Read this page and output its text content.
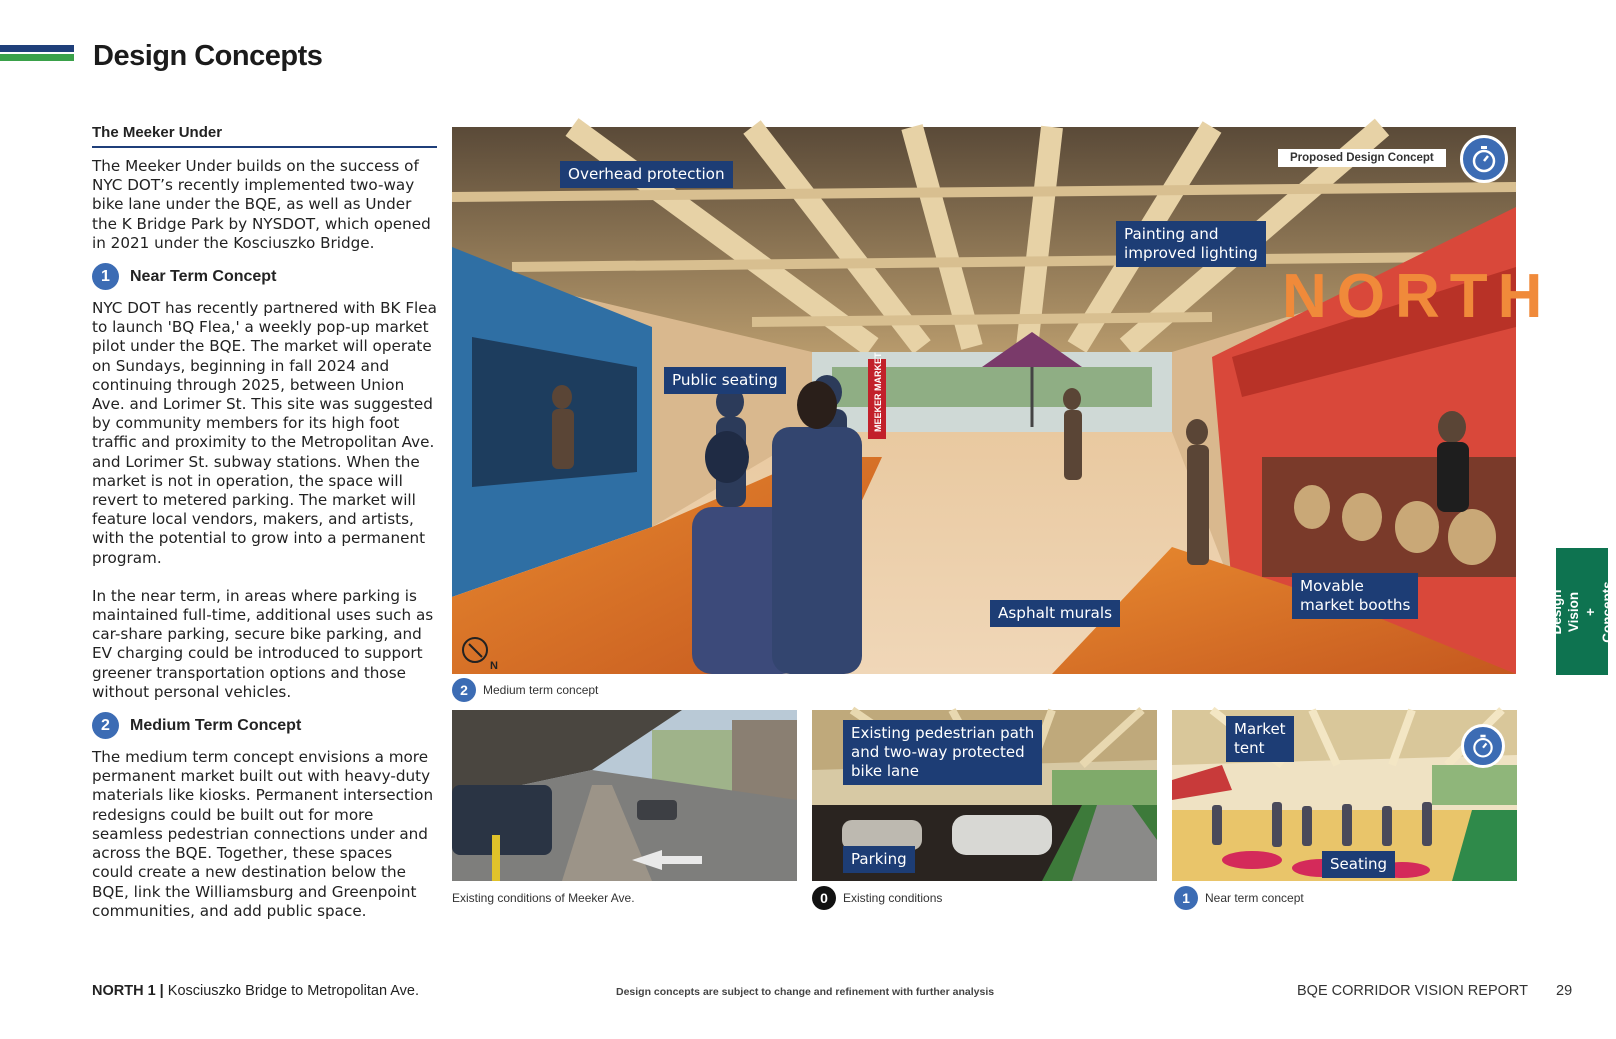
Design Concepts
The Meeker Under

The Meeker Under builds on the success of NYC DOT’s recently implemented two-way bike lane under the BQE, as well as Under the K Bridge Park by NYSDOT, which opened in 2021 under the Kosciuszko Bridge.

1	Near Term Concept

NYC DOT has recently partnered with BK Flea to launch 'BQ Flea,' a weekly pop-up market pilot under the BQE. The market will operate on Sundays, beginning in fall 2024 and continuing through 2025, between Union Ave. and Lorimer St. This site was suggested by community members for its high foot traffic and proximity to the Metropolitan Ave. and Lorimer St. subway stations. When the market is not in operation, the space will revert to metered parking. The market will feature local vendors, makers, and artists, with the potential to grow into a permanent program.

In the near term, in areas where parking is maintained full-time, additional uses such as car-share parking, secure bike parking, and EV charging could be introduced to support greener transportation options and those without personal vehicles.

2	Medium Term Concept

The medium term concept envisions a more permanent market built out with heavy-duty materials like kiosks. Permanent intersection redesigns could be built out for more seamless pedestrian connections under and across the BQE. Together, these spaces could create a new destination below the BQE, link the Williamsburg and Greenpoint communities, and add public space.

NORTH
MEEKER MARKET
Overhead protection
Painting and
improved lighting
Public seating
Asphalt murals
Movable
market booths
Proposed Design Concept
N
2	Medium term concept
Existing conditions of Meeker Ave.
Existing pedestrian path
and two-way protected
bike lane
Parking
0	Existing conditions
Market
tent
Seating
1	Near term concept
Design Vision
+ Concepts
NORTH 1 | Kosciuszko Bridge to Metropolitan Ave.	Design concepts are subject to change and refinement with further analysis	BQE CORRIDOR VISION REPORT 29
